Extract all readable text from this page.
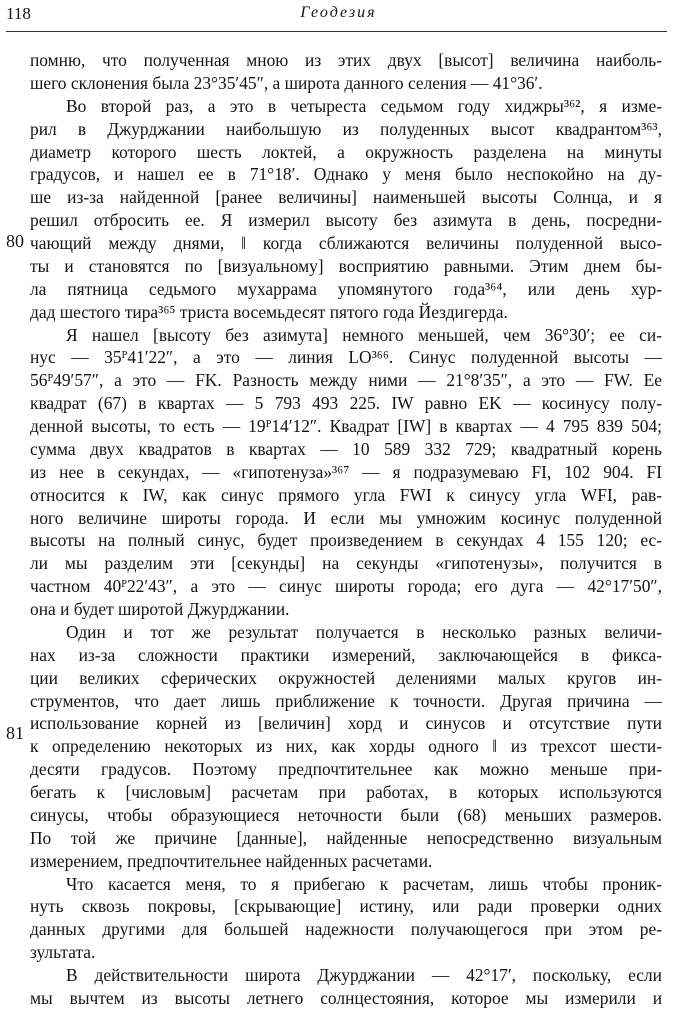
118	Геодезия
80
81
помню, что полученная мною из этих двух [высот] величина наиболь-
шего склонения была 23°35′45″, а широта данного селения — 41°36′.
Во второй раз, а это в четыреста седьмом году хиджры³⁶², я изме-
рил в Джурджании наибольшую из полуденных высот квадрантом³⁶³,
диаметр которого шесть локтей, а окружность разделена на минуты
градусов, и нашел ее в 71°18′. Однако у меня было неспокойно на ду-
ше из-за найденной [ранее величины] наименьшей высоты Солнца, и я
решил отбросить ее. Я измерил высоту без азимута в день, посредни-
чающий между днями, ‖ когда сближаются величины полуденной высо-
ты и становятся по [визуальному] восприятию равными. Этим днем бы-
ла пятница седьмого мухаррама упомянутого года³⁶⁴, или день хур-
дад шестого тира³⁶⁵ триста восемьдесят пятого года Йездигерда.
Я нашел [высоту без азимута] немного меньшей, чем 36°30′; ее си-
нус — 35ᴾ41′22″, а это — линия LO³⁶⁶. Синус полуденной высоты —
56ᴾ49′57″, а это — FK. Разность между ними — 21°8′35″, а это — FW. Ее
квадрат (67) в квартах — 5 793 493 225. IW равно EK — косинусу полу-
денной высоты, то есть — 19ᴾ14′12″. Квадрат [IW] в квартах — 4 795 839 504;
сумма двух квадратов в квартах — 10 589 332 729; квадратный корень
из нее в секундах, — «гипотенуза»³⁶⁷ — я подразумеваю FI, 102 904. FI
относится к IW, как синус прямого угла FWI к синусу угла WFI, рав-
ного величине широты города. И если мы умножим косинус полуденной
высоты на полный синус, будет произведением в секундах 4 155 120; ес-
ли мы разделим эти [секунды] на секунды «гипотенузы», получится в
частном 40ᴾ22′43″, а это — синус широты города; его дуга — 42°17′50″,
она и будет широтой Джурджании.
Один и тот же результат получается в несколько разных величи-
нах из-за сложности практики измерений, заключающейся в фикса-
ции великих сферических окружностей делениями малых кругов ин-
струментов, что дает лишь приближение к точности. Другая причина —
использование корней из [величин] хорд и синусов и отсутствие пути
к определению некоторых из них, как хорды одного ‖ из трехсот шести-
десяти градусов. Поэтому предпочтительнее как можно меньше при-
бегать к [числовым] расчетам при работах, в которых используются
синусы, чтобы образующиеся неточности были (68) меньших размеров.
По той же причине [данные], найденные непосредственно визуальным
измерением, предпочтительнее найденных расчетами.
Что касается меня, то я прибегаю к расчетам, лишь чтобы проник-
нуть сквозь покровы, [скрывающие] истину, или ради проверки одних
данных другими для большей надежности получающегося при этом ре-
зультата.
В действительности широта Джурджании — 42°17′, поскольку, если
мы вычтем из высоты летнего солнцестояния, которое мы измерили и
